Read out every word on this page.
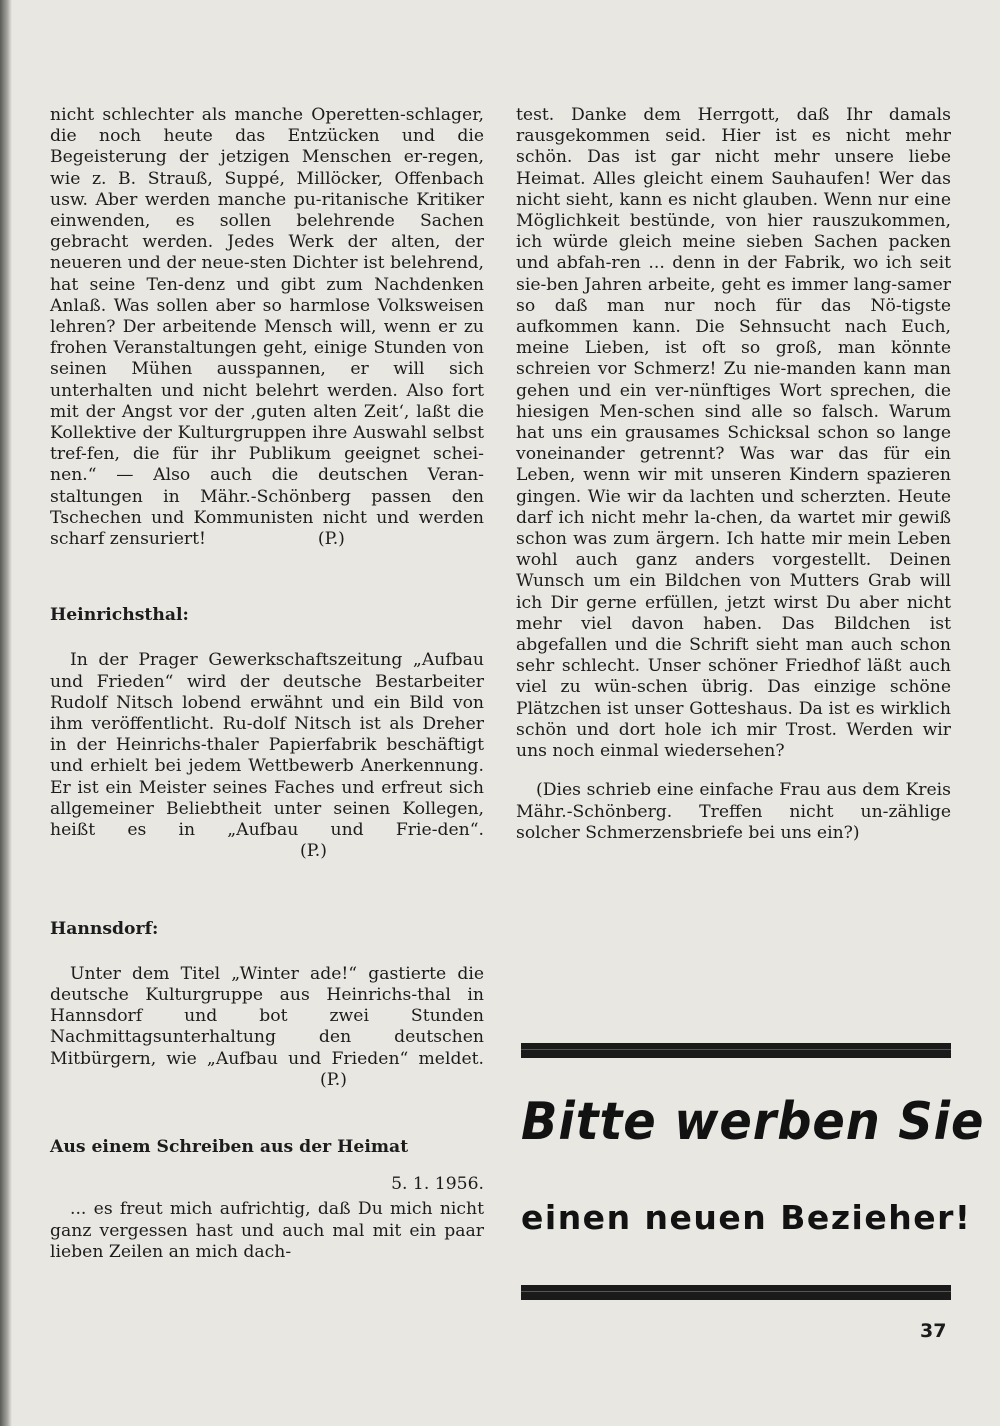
nicht schlechter als manche Operetten-schlager, die noch heute das Entzücken und die Begeisterung der jetzigen Menschen er-regen, wie z. B. Strauß, Suppé, Millöcker, Offenbach usw. Aber werden manche pu-ritanische Kritiker einwenden, es sollen belehrende Sachen gebracht werden. Jedes Werk der alten, der neueren und der neue-sten Dichter ist belehrend, hat seine Ten-denz und gibt zum Nachdenken Anlaß. Was sollen aber so harmlose Volksweisen lehren? Der arbeitende Mensch will, wenn er zu frohen Veranstaltungen geht, einige Stunden von seinen Mühen ausspannen, er will sich unterhalten und nicht belehrt werden. Also fort mit der Angst vor der ‚guten alten Zeit‘, laßt die Kollektive der Kulturgruppen ihre Auswahl selbst tref-fen, die für ihr Publikum geeignet schei-nen.“ — Also auch die deutschen Veran-staltungen in Mähr.-Schönberg passen den Tschechen und Kommunisten nicht und werden scharf zensuriert!	(P.)

Heinrichsthal:

In der Prager Gewerkschaftszeitung „Aufbau und Frieden“ wird der deutsche Bestarbeiter Rudolf Nitsch lobend erwähnt und ein Bild von ihm veröffentlicht. Ru-dolf Nitsch ist als Dreher in der Heinrichs-thaler Papierfabrik beschäftigt und erhielt bei jedem Wettbewerb Anerkennung. Er ist ein Meister seines Faches und erfreut sich allgemeiner Beliebtheit unter seinen Kollegen, heißt es in „Aufbau und Frie-den“.(P.)

Hannsdorf:

Unter dem Titel „Winter ade!“ gastierte die deutsche Kulturgruppe aus Heinrichs-thal in Hannsdorf und bot zwei Stunden Nachmittagsunterhaltung den deutschen Mitbürgern, wie „Aufbau und Frieden“ meldet.(P.)

Aus einem Schreiben aus der Heimat

5. 1. 1956.

... es freut mich aufrichtig, daß Du mich nicht ganz vergessen hast und auch mal mit ein paar lieben Zeilen an mich dach-

test. Danke dem Herrgott, daß Ihr damals rausgekommen seid. Hier ist es nicht mehr schön. Das ist gar nicht mehr unsere liebe Heimat. Alles gleicht einem Sauhaufen! Wer das nicht sieht, kann es nicht glauben. Wenn nur eine Möglichkeit bestünde, von hier rauszukommen, ich würde gleich meine sieben Sachen packen und abfah-ren ... denn in der Fabrik, wo ich seit sie-ben Jahren arbeite, geht es immer lang-samer so daß man nur noch für das Nö-tigste aufkommen kann. Die Sehnsucht nach Euch, meine Lieben, ist oft so groß, man könnte schreien vor Schmerz! Zu nie-manden kann man gehen und ein ver-nünftiges Wort sprechen, die hiesigen Men-schen sind alle so falsch. Warum hat uns ein grausames Schicksal schon so lange voneinander getrennt? Was war das für ein Leben, wenn wir mit unseren Kindern spazieren gingen. Wie wir da lachten und scherzten. Heute darf ich nicht mehr la-chen, da wartet mir gewiß schon was zum ärgern. Ich hatte mir mein Leben wohl auch ganz anders vorgestellt. Deinen Wunsch um ein Bildchen von Mutters Grab will ich Dir gerne erfüllen, jetzt wirst Du aber nicht mehr viel davon haben. Das Bildchen ist abgefallen und die Schrift sieht man auch schon sehr schlecht. Unser schöner Friedhof läßt auch viel zu wün-schen übrig. Das einzige schöne Plätzchen ist unser Gotteshaus. Da ist es wirklich schön und dort hole ich mir Trost. Werden wir uns noch einmal wiedersehen?

(Dies schrieb eine einfache Frau aus dem Kreis Mähr.-Schönberg. Treffen nicht un-zählige solcher Schmerzensbriefe bei uns ein?)

Bitte werben Sie
einen neuen Bezieher!
37
